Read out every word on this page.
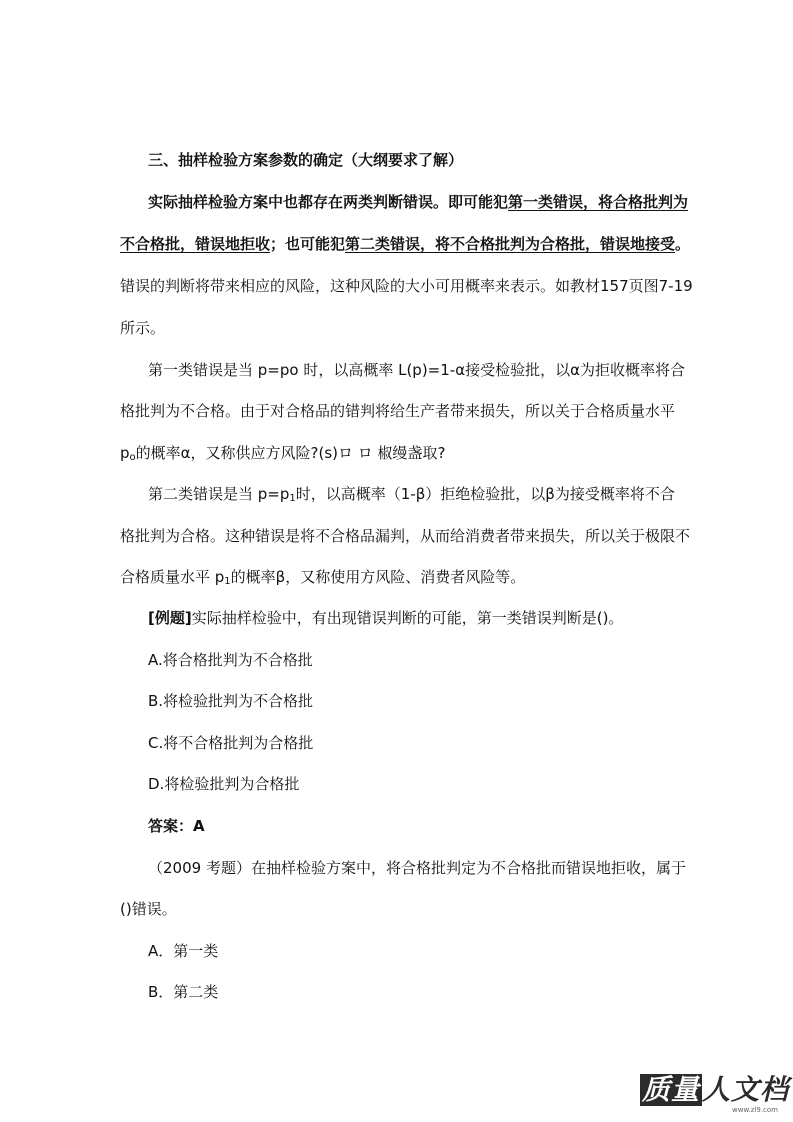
三、抽样检验方案参数的确定（大纲要求了解）
实际抽样检验方案中也都存在两类判断错误。即可能犯第一类错误，将合格批判为
不合格批，错误地拒收；也可能犯第二类错误，将不合格批判为合格批，错误地接受。
错误的判断将带来相应的风险，这种风险的大小可用概率来表示。如教材157页图7-19
所示。
第一类错误是当 p=po 时，以高概率 L(p)=1-α接受检验批，以α为拒收概率将合
格批判为不合格。由于对合格品的错判将给生产者带来损失，所以关于合格质量水平
$p_o$的概率α，又称供应方风险?(s)ロ ロ 椒缦盏取?
第二类错误是当 $p=p_1$时，以高概率（1-β）拒绝检验批，以β为接受概率将不合
格批判为合格。这种错误是将不合格品漏判，从而给消费者带来损失，所以关于极限不
合格质量水平 $p_1$的概率β，又称使用方风险、消费者风险等。
[例题]实际抽样检验中，有出现错误判断的可能，第一类错误判断是()。
A.将合格批判为不合格批
B.将检验批判为不合格批
C.将不合格批判为合格批
D.将检验批判为合格批
答案：A
（2009 考题）在抽样检验方案中，将合格批判定为不合格批而错误地拒收，属于
()错误。
A．第一类
B．第二类
质量人文档
www.zl9.com
